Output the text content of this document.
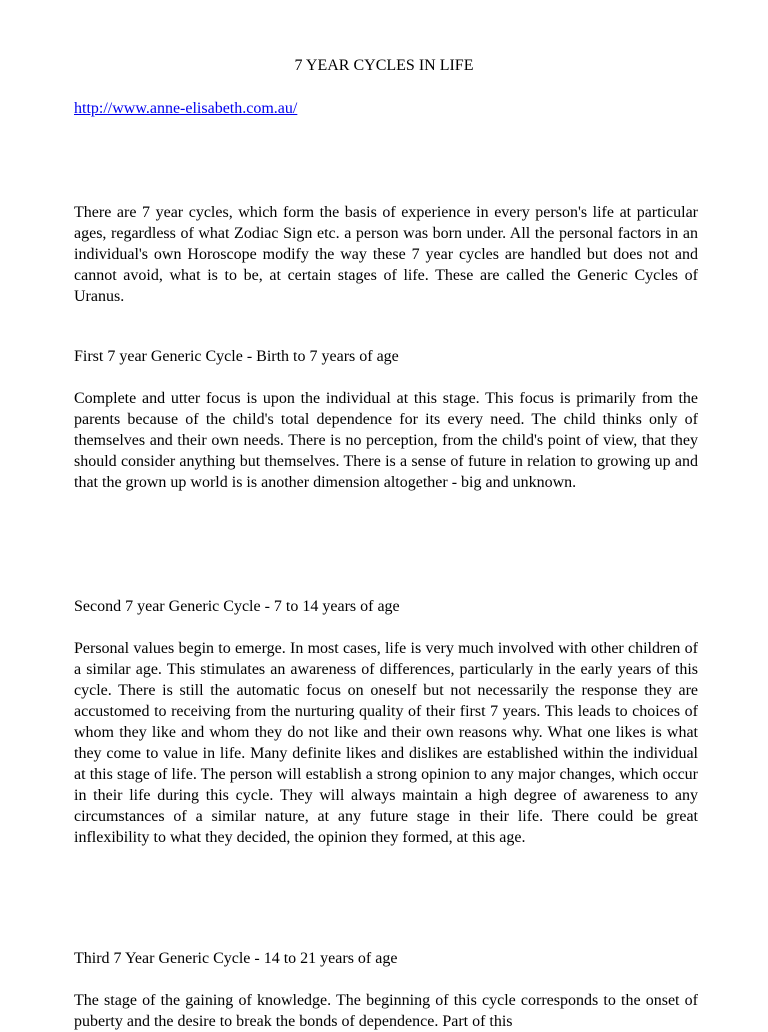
7 YEAR CYCLES IN LIFE
http://www.anne-elisabeth.com.au/

There are 7 year cycles, which form the basis of experience in every person's life at particular ages, regardless of what Zodiac Sign etc. a person was born under. All the personal factors in an individual's own Horoscope modify the way these 7 year cycles are handled but does not and cannot avoid, what is to be, at certain stages of life. These are called the Generic Cycles of Uranus.

First 7 year Generic Cycle - Birth to 7 years of age

Complete and utter focus is upon the individual at this stage. This focus is primarily from the parents because of the child's total dependence for its every need. The child thinks only of themselves and their own needs. There is no perception, from the child's point of view, that they should consider anything but themselves. There is a sense of future in relation to growing up and that the grown up world is is another dimension altogether - big and unknown.

Second 7 year Generic Cycle - 7 to 14 years of age

Personal values begin to emerge. In most cases, life is very much involved with other children of a similar age. This stimulates an awareness of differences, particularly in the early years of this cycle. There is still the automatic focus on oneself but not necessarily the response they are accustomed to receiving from the nurturing quality of their first 7 years. This leads to choices of whom they like and whom they do not like and their own reasons why. What one likes is what they come to value in life. Many definite likes and dislikes are established within the individual at this stage of life. The person will establish a strong opinion to any major changes, which occur in their life during this cycle. They will always maintain a high degree of awareness to any circumstances of a similar nature, at any future stage in their life. There could be great inflexibility to what they decided, the opinion they formed, at this age.

Third 7 Year Generic Cycle - 14 to 21 years of age

The stage of the gaining of knowledge. The beginning of this cycle corresponds to the onset of puberty and the desire to break the bonds of dependence. Part of this
